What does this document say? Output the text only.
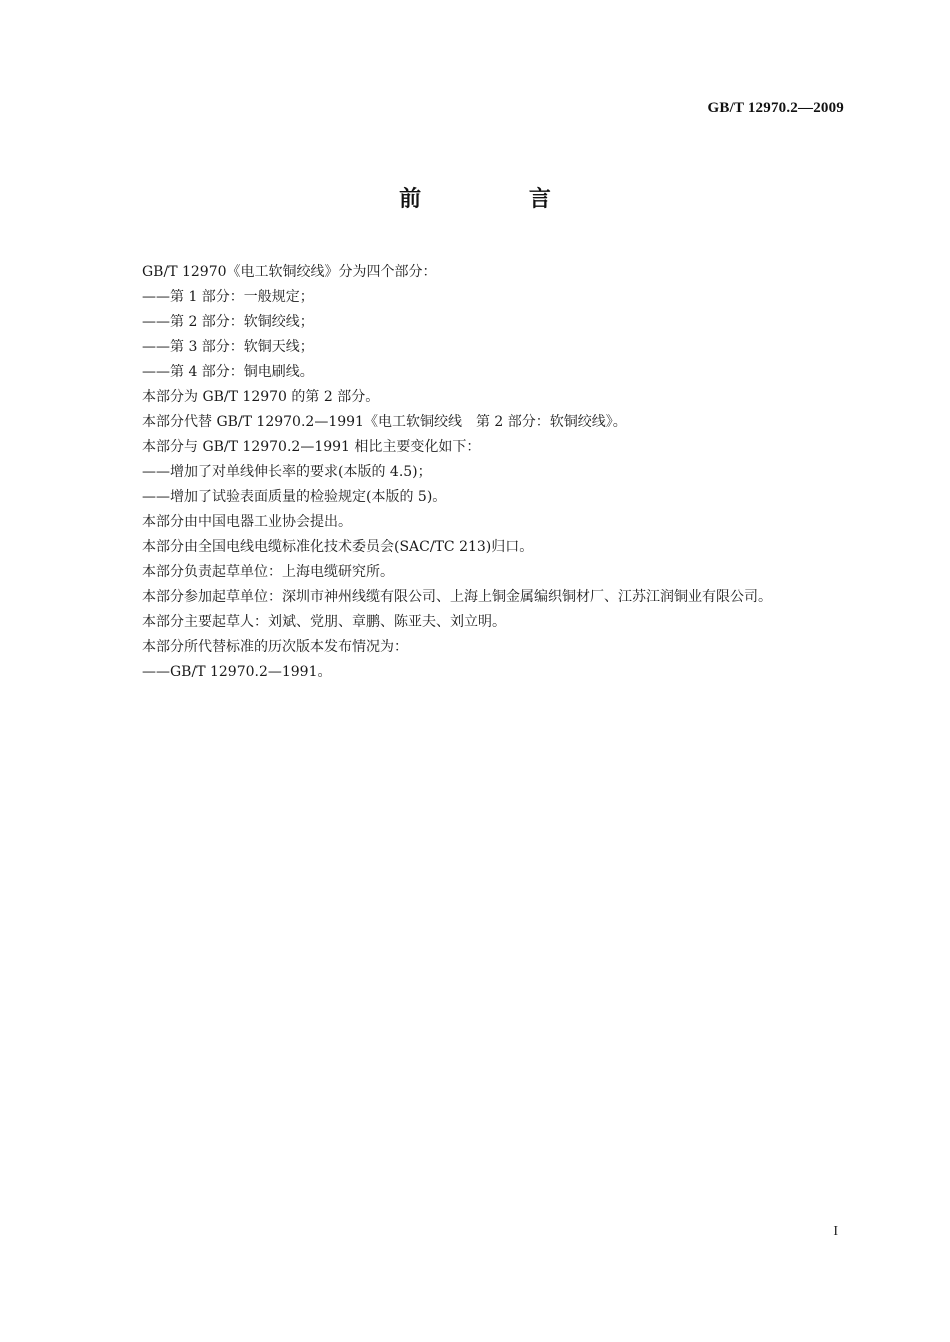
GB/T 12970.2—2009
前 言

GB/T 12970《电工软铜绞线》分为四个部分：

——第 1 部分：一般规定；

——第 2 部分：软铜绞线；

——第 3 部分：软铜天线；

——第 4 部分：铜电刷线。

本部分为 GB/T 12970 的第 2 部分。

本部分代替 GB/T 12970.2—1991《电工软铜绞线　第 2 部分：软铜绞线》。

本部分与 GB/T 12970.2—1991 相比主要变化如下：

——增加了对单线伸长率的要求(本版的 4.5)；

——增加了试验表面质量的检验规定(本版的 5)。

本部分由中国电器工业协会提出。

本部分由全国电线电缆标准化技术委员会(SAC/TC 213)归口。

本部分负责起草单位：上海电缆研究所。

本部分参加起草单位：深圳市神州线缆有限公司、上海上铜金属编织铜材厂、江苏江润铜业有限公司。

本部分主要起草人：刘斌、党朋、章鹏、陈亚夫、刘立明。

本部分所代替标准的历次版本发布情况为：

——GB/T 12970.2—1991。

I
